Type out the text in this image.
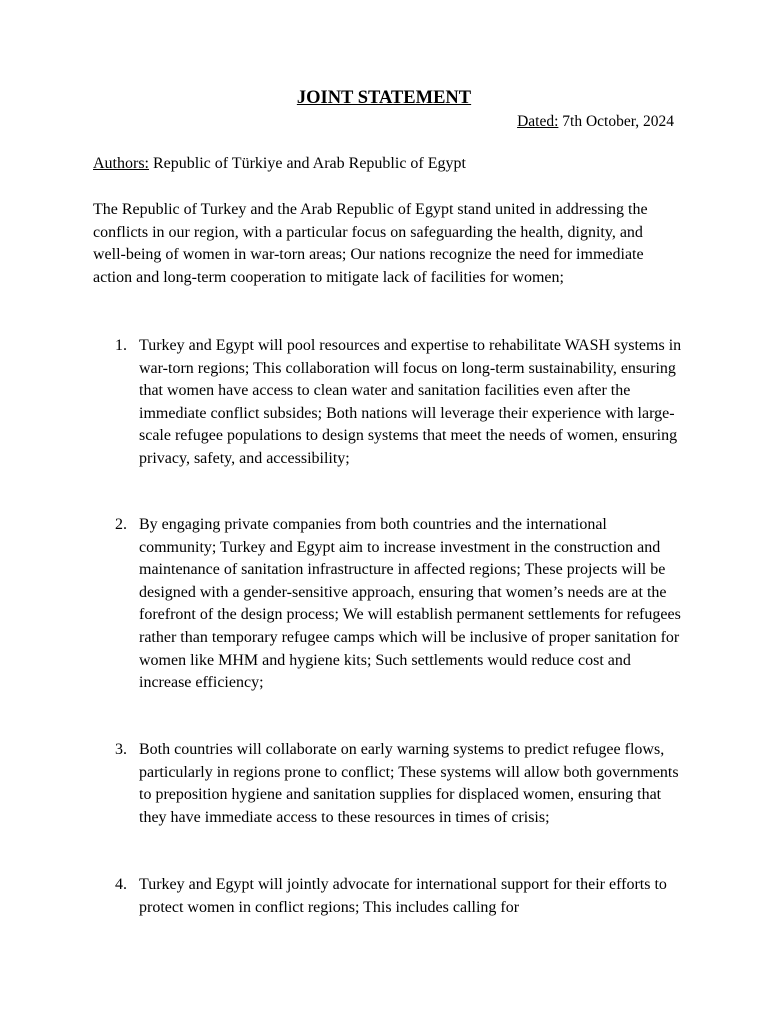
JOINT STATEMENT

Dated: 7th October, 2024

Authors: Republic of Türkiye and Arab Republic of Egypt

The Republic of Turkey and the Arab Republic of Egypt stand united in addressing the conflicts in our region, with a particular focus on safeguarding the health, dignity, and well-being of women in war-torn areas; Our nations recognize the need for immediate action and long-term cooperation to mitigate lack of facilities for women;

1. Turkey and Egypt will pool resources and expertise to rehabilitate WASH systems in war-torn regions; This collaboration will focus on long-term sustainability, ensuring that women have access to clean water and sanitation facilities even after the immediate conflict subsides; Both nations will leverage their experience with large-scale refugee populations to design systems that meet the needs of women, ensuring privacy, safety, and accessibility;
2. By engaging private companies from both countries and the international community; Turkey and Egypt aim to increase investment in the construction and maintenance of sanitation infrastructure in affected regions; These projects will be designed with a gender-sensitive approach, ensuring that women’s needs are at the forefront of the design process; We will establish permanent settlements for refugees rather than temporary refugee camps which will be inclusive of proper sanitation for women like MHM and hygiene kits; Such settlements would reduce cost and increase efficiency;
3. Both countries will collaborate on early warning systems to predict refugee flows, particularly in regions prone to conflict; These systems will allow both governments to preposition hygiene and sanitation supplies for displaced women, ensuring that they have immediate access to these resources in times of crisis;
4. Turkey and Egypt will jointly advocate for international support for their efforts to protect women in conflict regions; This includes calling for
